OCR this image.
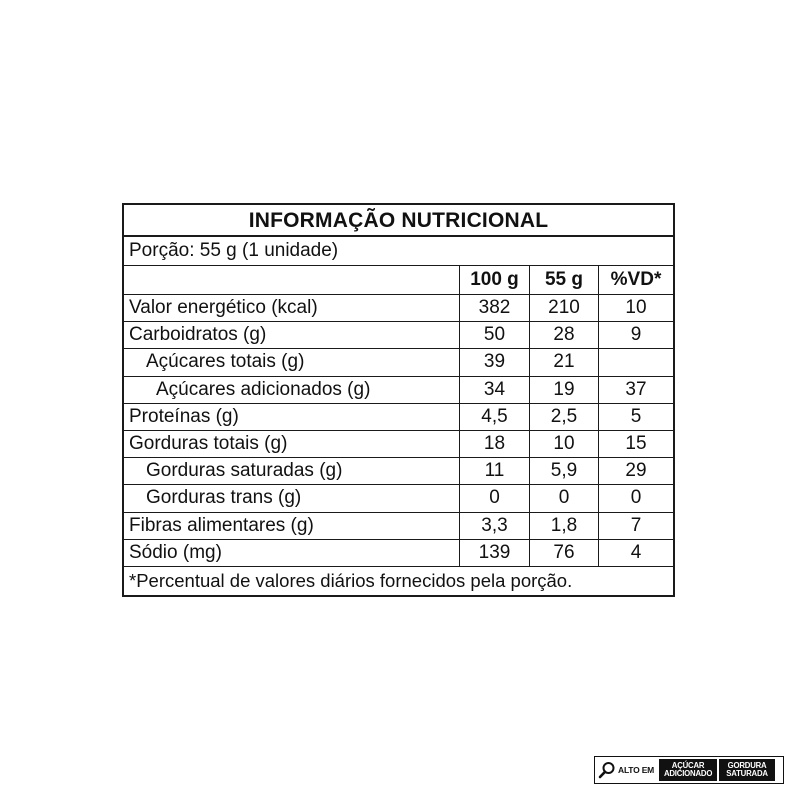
INFORMAÇÃO NUTRICIONAL
Porção: 55 g (1 unidade)
100 g	55 g	%VD*
Valor energético (kcal)	382	210	10
Carboidratos (g)	50	28	9
Açúcares totais (g)	39	21
Açúcares adicionados (g)	34	19	37
Proteínas (g)	4,5	2,5	5
Gorduras totais (g)	18	10	15
Gorduras saturadas (g)	11	5,9	29
Gorduras trans (g)	0	0	0
Fibras alimentares (g)	3,3	1,8	7
Sódio (mg)	139	76	4
*Percentual de valores diários fornecidos pela porção.
ALTO EM	AÇÚCAR
ADICIONADO
GORDURA
SATURADA
